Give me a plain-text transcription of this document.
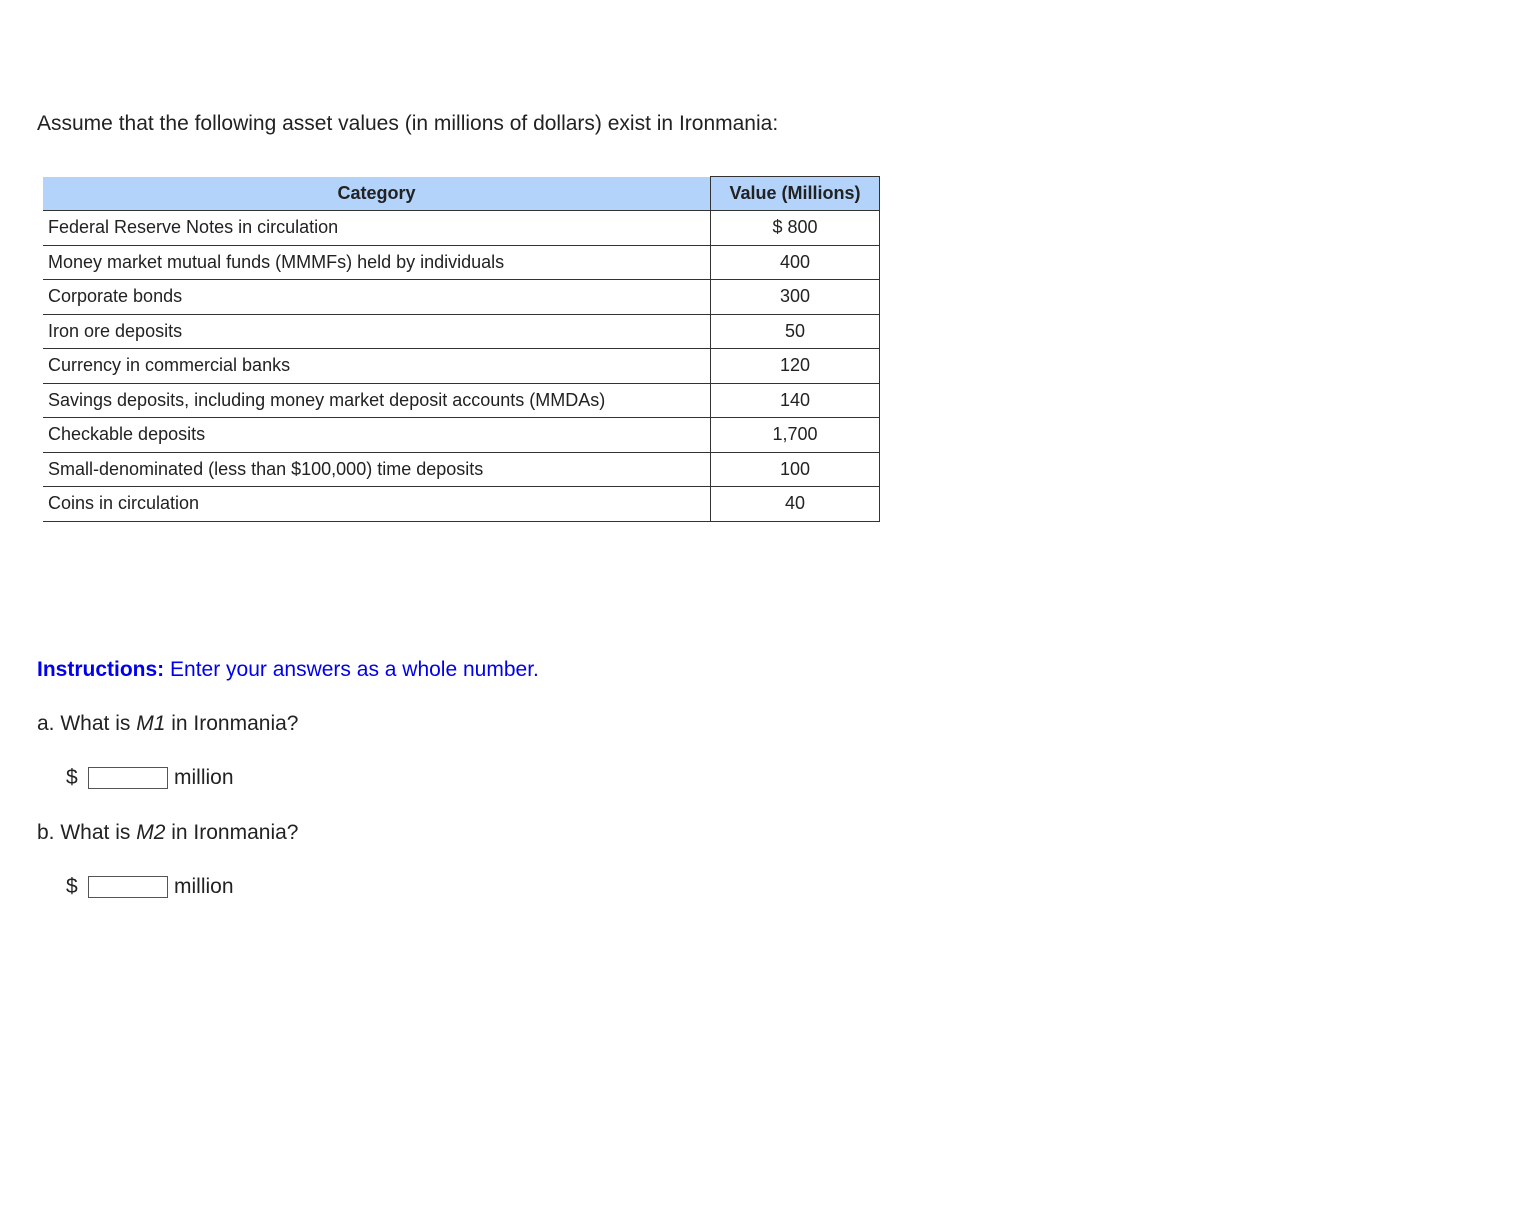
Assume that the following asset values (in millions of dollars) exist in Ironmania:

Category	Value (Millions)
Federal Reserve Notes in circulation	$ 800
Money market mutual funds (MMMFs) held by individuals	400
Corporate bonds	300
Iron ore deposits	50
Currency in commercial banks	120
Savings deposits, including money market deposit accounts (MMDAs)	140
Checkable deposits	1,700
Small-denominated (less than $100,000) time deposits	100
Coins in circulation	40

Instructions: Enter your answers as a whole number.

a. What is M1 in Ironmania?

$	million

b. What is M2 in Ironmania?

$	million
